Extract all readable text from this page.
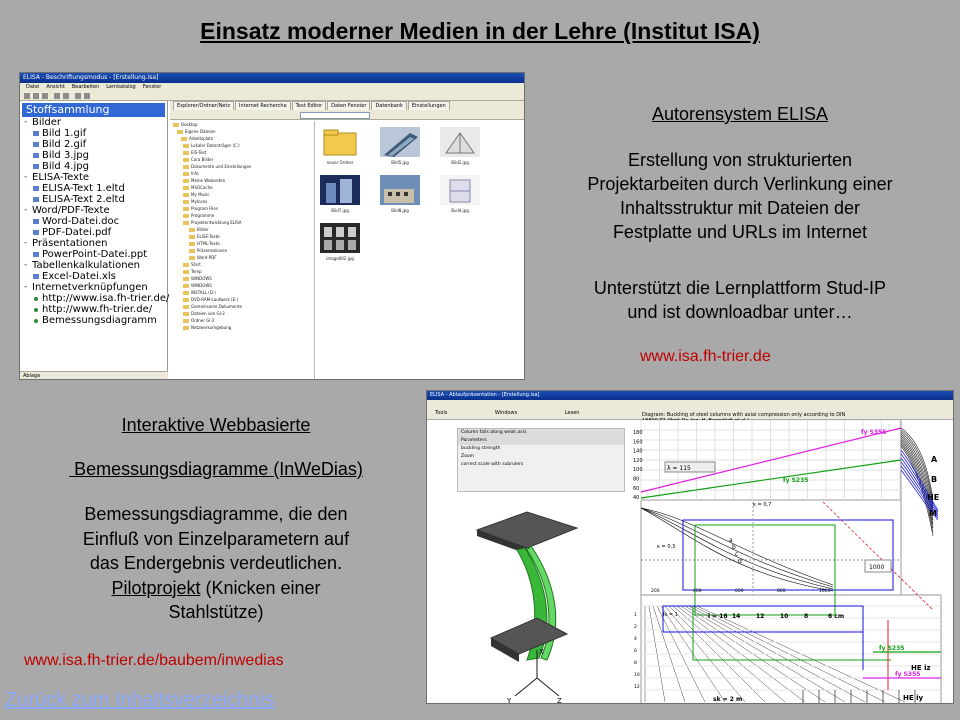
Einsatz moderner Medien in der Lehre (Institut ISA)
ELISA - Beschriftungsmodus - [Erstellung.isa]
Datei Ansicht Bearbeiten Lernkatalog Fenster
Stoffsammlung
- Bilder
Bild 1.gif
Bild 2.gif
Bild 3.jpg
Bild 4.jpg
- ELISA-Texte
ELISA-Text 1.eltd
ELISA-Text 2.eltd
- Word/PDF-Texte
Word-Datei.doc
PDF-Datei.pdf
- Präsentationen
PowerPoint-Datei.ppt
- Tabellenkalkulationen
Excel-Datei.xls
- Internetverknüpfungen
http://www.isa.fh-trier.de/
http://www.fh-trier.de/
Bemessungsdiagramm
Ablage
Explorer/Ordner/Netz Internet Recherche Text Editor Daten Fenster Datenbank Einstellungen
Desktop
Eigene Dateien
Arbeitsplatz
Lokaler Datenträger (C:)
EIS-Test
Cara Bilder
Dokumente und Einstellungen
Info
Meine Webseiten
MSOCache
My Music
MyIcons
Program Files
Programme
Projektentwicklung ELISA
Bilder
ELISE-Texte
HTML-Texte
Präsentationen
Word-PDF
Start
Temp
WINDOWS
WINDOWS
INSTALL (D:)
DVD-RAM-Laufwerk (E:)
Gemeinsame Dokumente
Dateien von GI-2
Ordner GI-2
Netzwerkumgebung
neuer Ordner	Bild5.jpg	Bild2.jpg
Bild7.jpg	Bild8.jpg	Build.jpg
image002.jpg
Autorensystem ELISA
Erstellung von strukturierten
Projektarbeiten durch Verlinkung einer
Inhaltsstruktur mit Dateien der
Festplatte und URLs im Internet
Unterstützt die Lernplattform Stud-IP
und ist downloadbar unter…
www.isa.fh-trier.de
Interaktive Webbasierte
Bemessungsdiagramme (InWeDias)
Bemessungsdiagramme, die den
Einfluß von Einzelparametern auf
das Endergebnis verdeutlichen.
Pilotprojekt (Knicken einer
Stahlstütze)
www.isa.fh-trier.de/baubem/inwedias
Zurück zum Inhaltsverzeichnis
ELISA - Ablaufpräsentation - [Erstellung.isa]
Tools	Windows	Lesen	Diagram: Buckling of steel columns with axial compression only according to DIN
Column fails along weak axis
Parameters
buckling strength
Zoom
correct scale with subrulers
X
Y	Z
180
160
140
120
100
80
60
40
fy S355
fy S235
λ = 115
A
B
HE
M
a
b
c
d
κ = 0,3
κ = 0,7
200	400	600	800	1000
1000
1
2
4
6
8
10
12
lk = 1	i = 16 14	12	10	8	6 cm
fy S235
fy S355
HE iz
HE iy
sk = 2 m
